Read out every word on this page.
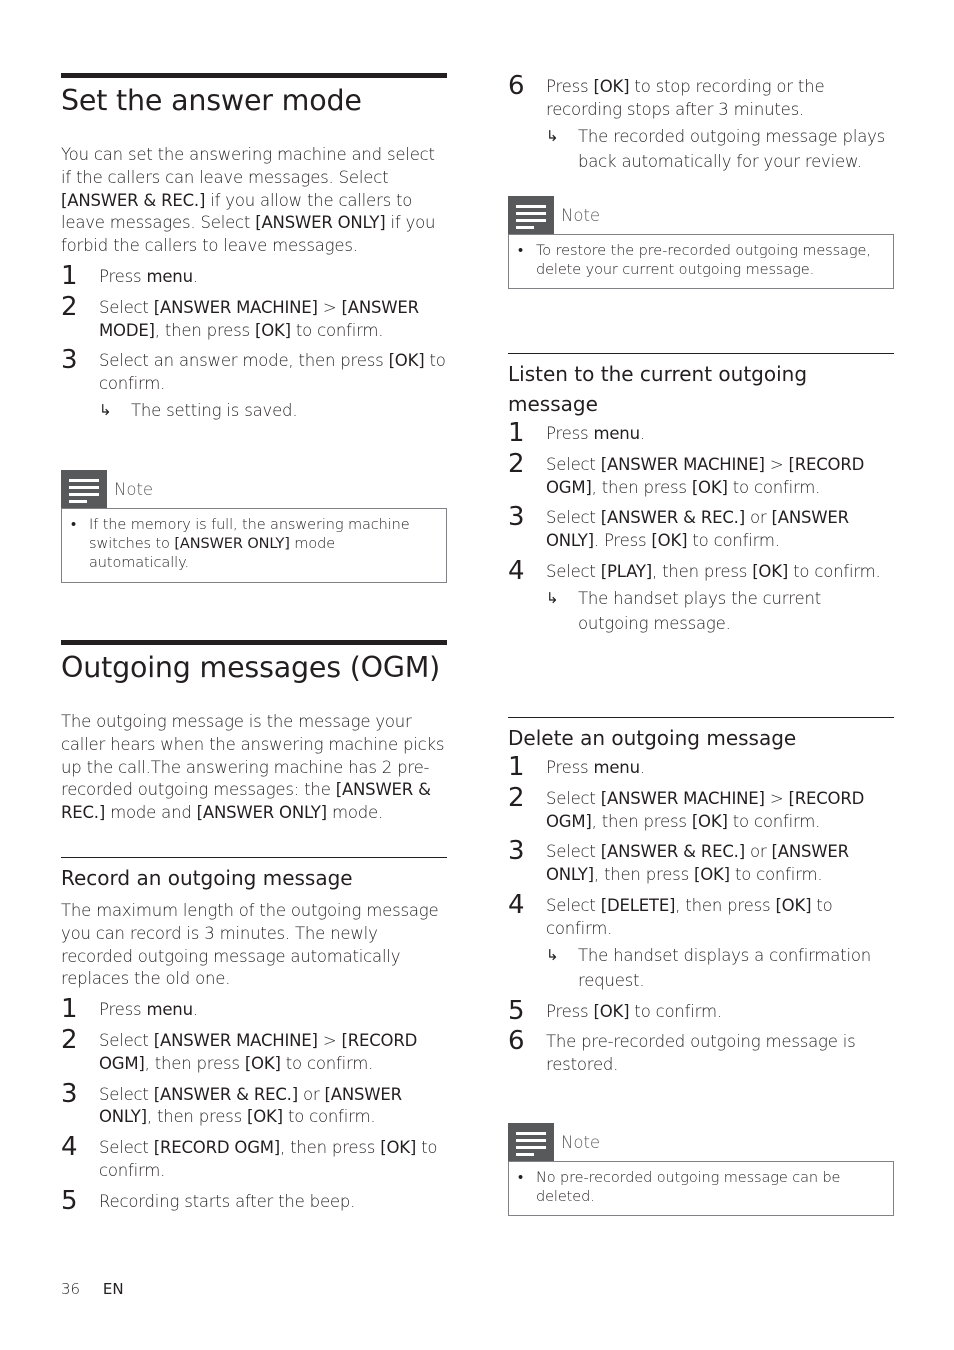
Set the answer mode
You can set the answering machine and select if the callers can leave messages. Select [ANSWER & REC.] if you allow the callers to leave messages. Select [ANSWER ONLY] if you forbid the callers to leave messages.
1 Press menu.
2 Select [ANSWER MACHINE] > [ANSWER MODE], then press [OK] to confirm.
3 Select an answer mode, then press [OK] to confirm.
↳ The setting is saved.
Note
• If the memory is full, the answering machine switches to [ANSWER ONLY] mode automatically.
Outgoing messages (OGM)
The outgoing message is the message your caller hears when the answering machine picks up the call.The answering machine has 2 pre-recorded outgoing messages: the [ANSWER & REC.] mode and [ANSWER ONLY] mode.
Record an outgoing message
The maximum length of the outgoing message you can record is 3 minutes. The newly recorded outgoing message automatically replaces the old one.
1 Press menu.
2 Select [ANSWER MACHINE] > [RECORD OGM], then press [OK] to confirm.
3 Select [ANSWER & REC.] or [ANSWER ONLY], then press [OK] to confirm.
4 Select [RECORD OGM], then press [OK] to confirm.
5 Recording starts after the beep.
6 Press [OK] to stop recording or the recording stops after 3 minutes.
↳ The recorded outgoing message plays back automatically for your review.
Note
• To restore the pre-recorded outgoing message, delete your current outgoing message.
Listen to the current outgoing message
1 Press menu.
2 Select [ANSWER MACHINE] > [RECORD OGM], then press [OK] to confirm.
3 Select [ANSWER & REC.] or [ANSWER ONLY]. Press [OK] to confirm.
4 Select [PLAY], then press [OK] to confirm.
↳ The handset plays the current outgoing message.
Delete an outgoing message
1 Press menu.
2 Select [ANSWER MACHINE] > [RECORD OGM], then press [OK] to confirm.
3 Select [ANSWER & REC.] or [ANSWER ONLY], then press [OK] to confirm.
4 Select [DELETE], then press [OK] to confirm.
↳ The handset displays a confirmation request.
5 Press [OK] to confirm.
6 The pre-recorded outgoing message is restored.
Note
• No pre-recorded outgoing message can be deleted.
36 EN
